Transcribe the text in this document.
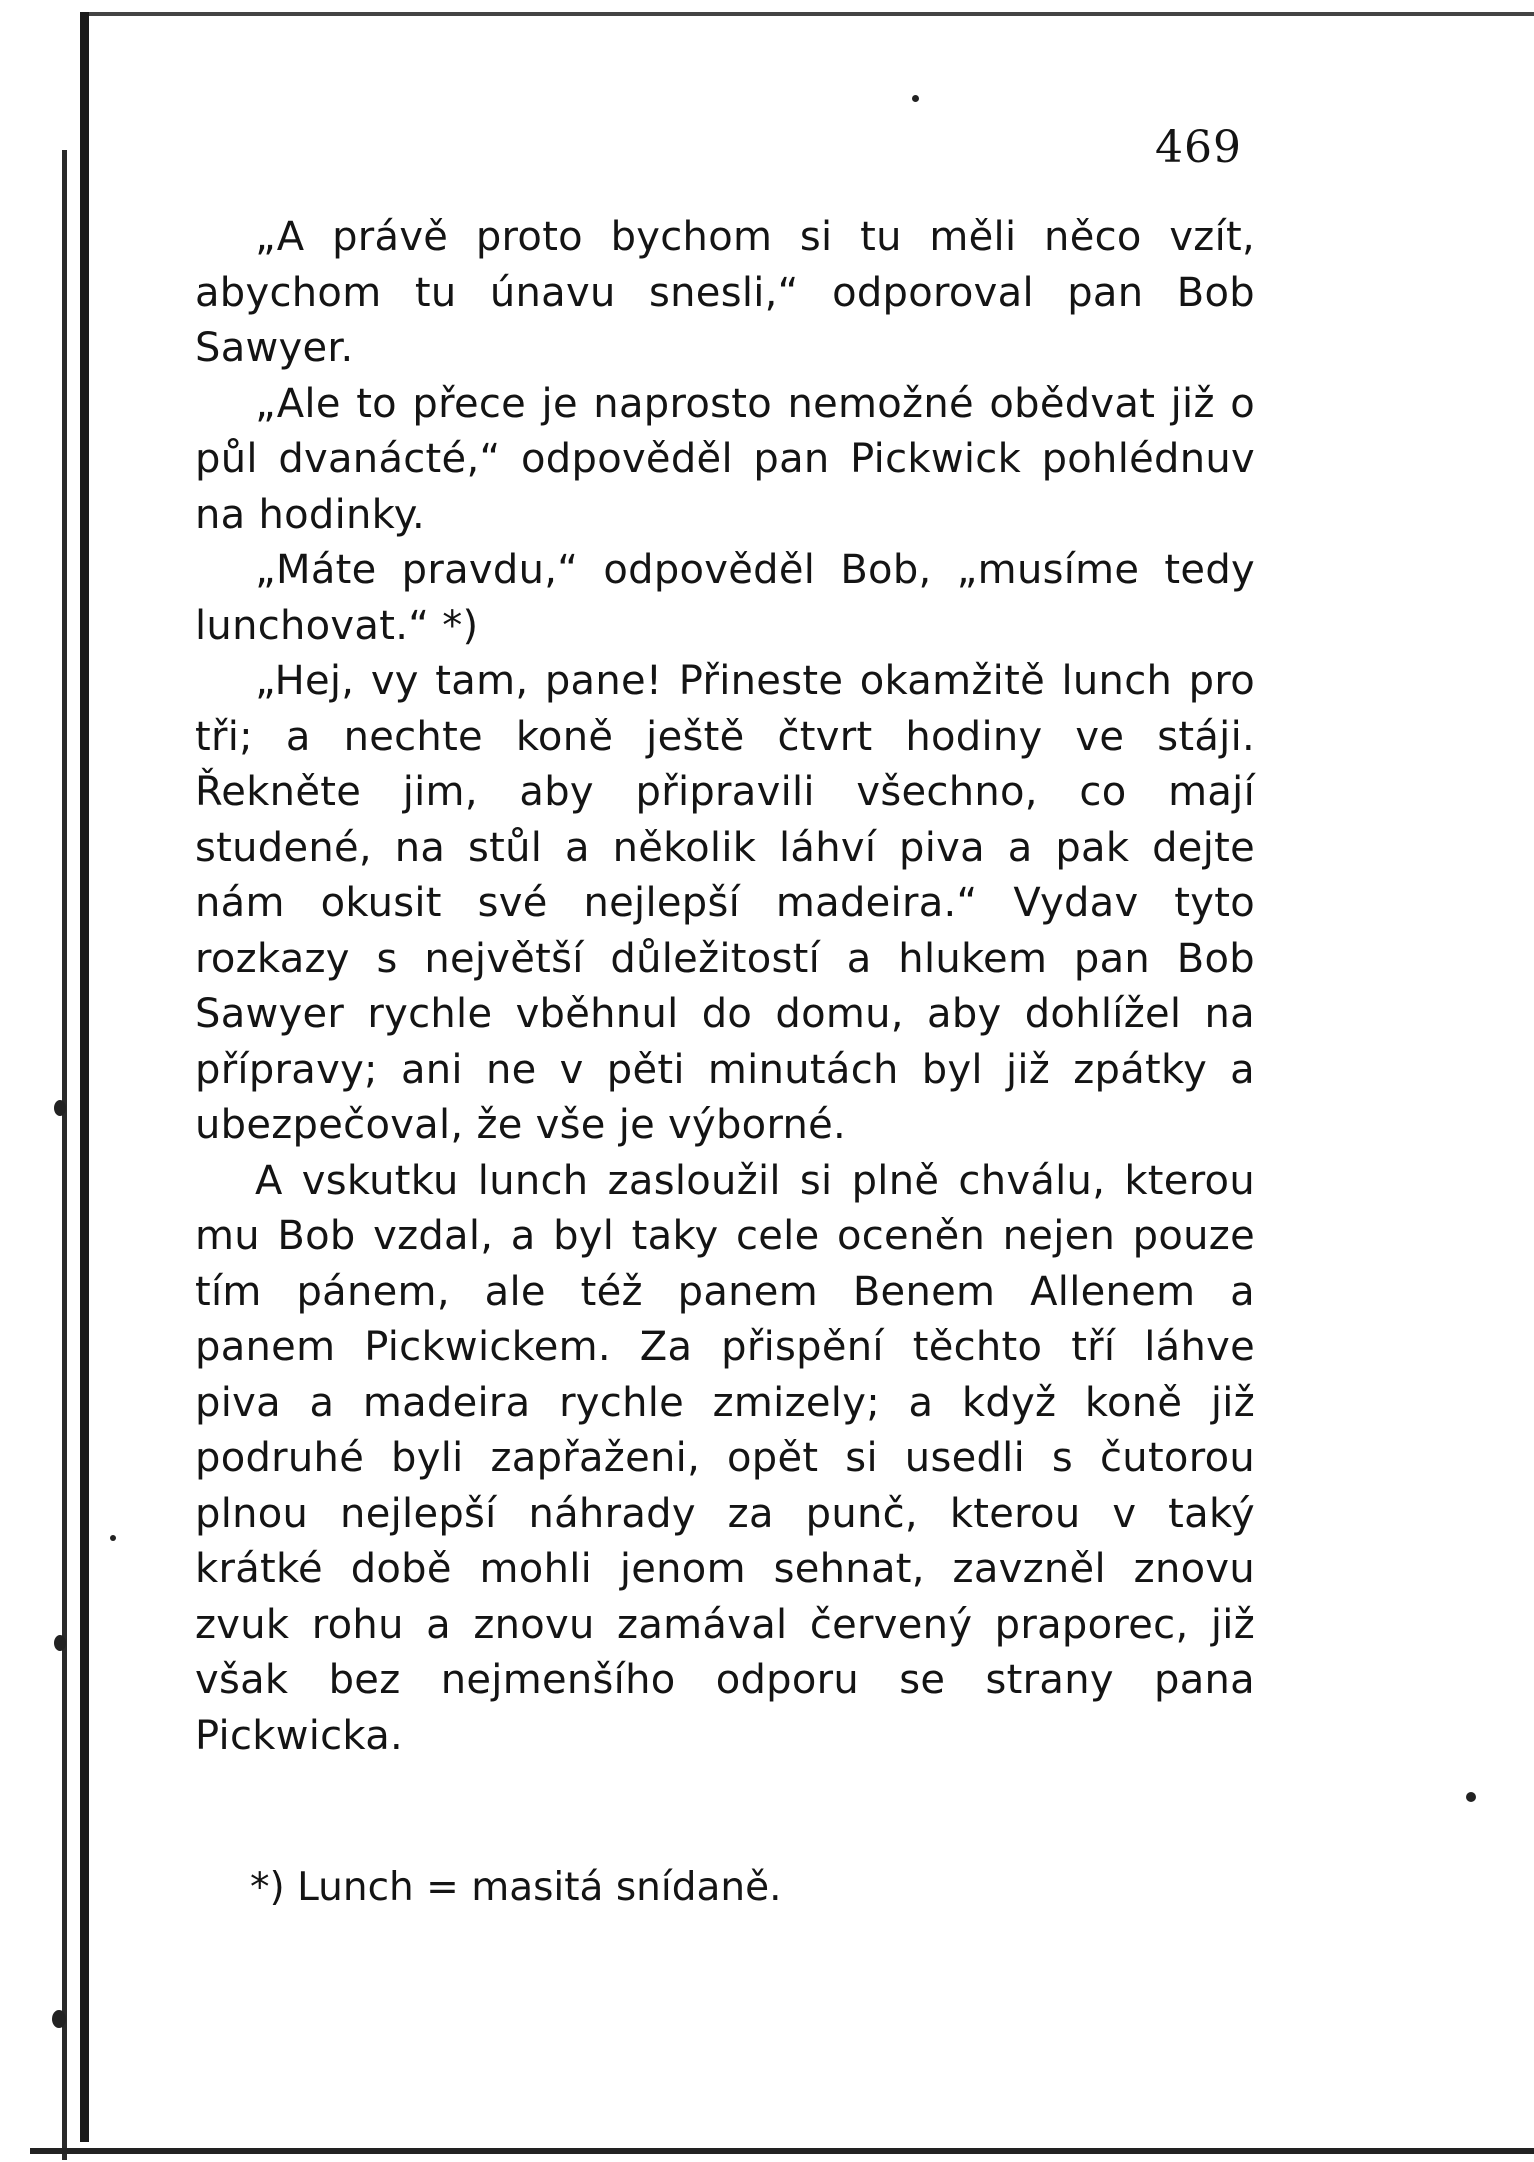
469

„A právě proto bychom si tu měli něco vzít, abychom tu únavu snesli,“ odporoval pan Bob Sawyer.

„Ale to přece je naprosto nemožné obědvat již o půl dvanácté,“ odpověděl pan Pickwick pohlédnuv na hodinky.

„Máte pravdu,“ odpověděl Bob, „musíme tedy lunchovat.“ *)

„Hej, vy tam, pane! Přineste okamžitě lunch pro tři; a nechte koně ještě čtvrt hodiny ve stáji. Řekněte jim, aby připravili všechno, co mají studené, na stůl a několik láhví piva a pak dejte nám okusit své nejlepší madeira.“ Vydav tyto rozkazy s největší důležitostí a hlukem pan Bob Sawyer rychle vběhnul do domu, aby dohlížel na přípravy; ani ne v pěti minutách byl již zpátky a ubezpečoval, že vše je výborné.

A vskutku lunch zasloužil si plně chválu, kterou mu Bob vzdal, a byl taky cele oceněn nejen pouze tím pánem, ale též panem Benem Allenem a panem Pickwickem. Za přispění těchto tří láhve piva a madeira rychle zmizely; a když koně již podruhé byli zapřaženi, opět si usedli s čutorou plnou nejlepší náhrady za punč, kterou v taký krátké době mohli jenom sehnat, zavzněl znovu zvuk rohu a znovu zamával červený praporec, již však bez nejmenšího odporu se strany pana Pickwicka.

*) Lunch = masitá snídaně.
